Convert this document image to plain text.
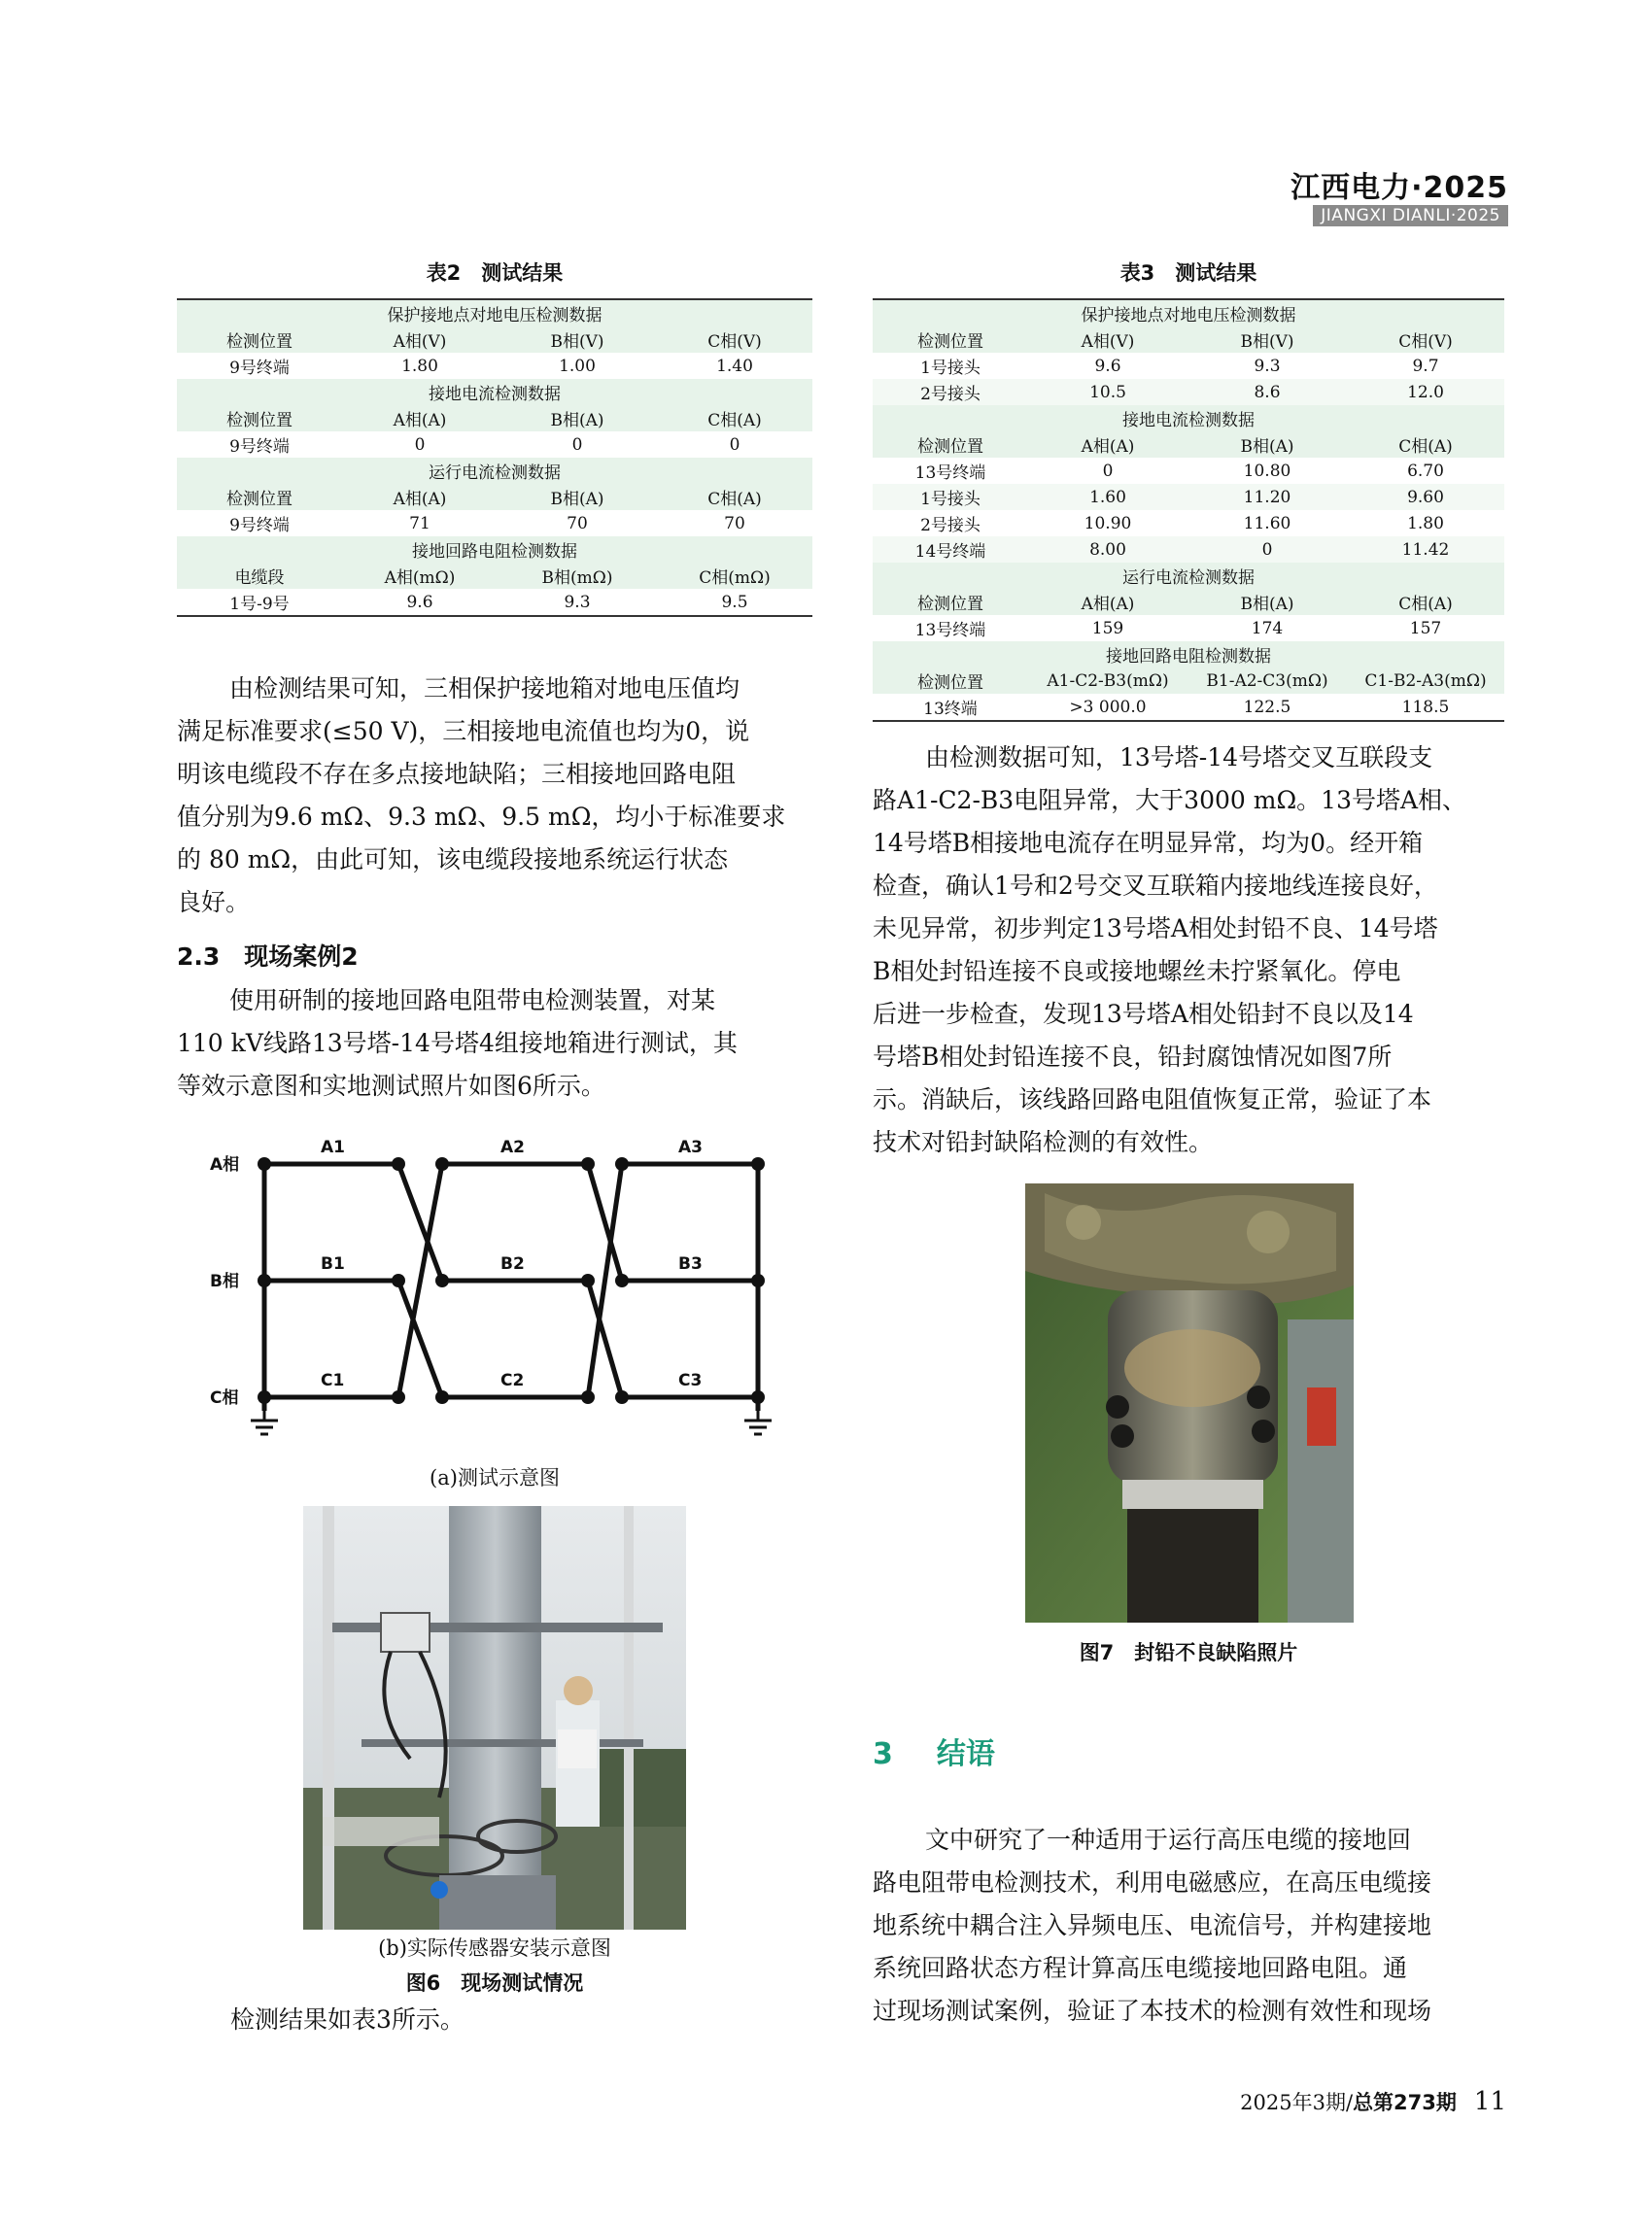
江西电力·2025
JIANGXI DIANLI·2025
表2　测试结果
保护接地点对地电压检测数据			
检测位置	A相(V)	B相(V)	C相(V)
9号终端	1.80	1.00	1.40
接地电流检测数据			
检测位置	A相(A)	B相(A)	C相(A)
9号终端	0	0	0
运行电流检测数据			
检测位置	A相(A)	B相(A)	C相(A)
9号终端	71	70	70
接地回路电阻检测数据			
电缆段	A相(mΩ)	B相(mΩ)	C相(mΩ)
1号-9号	9.6	9.3	9.5
由检测结果可知，三相保护接地箱对地电压值均
满足标准要求(≤50 V)，三相接地电流值也均为0，说
明该电缆段不存在多点接地缺陷；三相接地回路电阻
值分别为9.6 mΩ、9.3 mΩ、9.5 mΩ，均小于标准要求
的 80 mΩ，由此可知，该电缆段接地系统运行状态
良好。
2.3　现场案例2
使用研制的接地回路电阻带电检测装置，对某
110 kV线路13号塔-14号塔4组接地箱进行测试，其
等效示意图和实地测试照片如图6所示。
A相
B相
C相
A1	A2	A3
B1	B2	B3
C1	C2	C3
(a)测试示意图
(b)实际传感器安装示意图
图6　现场测试情况
检测结果如表3所示。
表3　测试结果
保护接地点对地电压检测数据			
检测位置	A相(V)	B相(V)	C相(V)
1号接头	9.6	9.3	9.7
2号接头	10.5	8.6	12.0
接地电流检测数据			
检测位置	A相(A)	B相(A)	C相(A)
13号终端	0	10.80	6.70
1号接头	1.60	11.20	9.60
2号接头	10.90	11.60	1.80
14号终端	8.00	0	11.42
运行电流检测数据			
检测位置	A相(A)	B相(A)	C相(A)
13号终端	159	174	157
接地回路电阻检测数据			
检测位置	A1-C2-B3(mΩ)	B1-A2-C3(mΩ)	C1-B2-A3(mΩ)
13终端	>3 000.0	122.5	118.5
由检测数据可知，13号塔-14号塔交叉互联段支
路A1-C2-B3电阻异常，大于3000 mΩ。13号塔A相、
14号塔B相接地电流存在明显异常，均为0。经开箱
检查，确认1号和2号交叉互联箱内接地线连接良好，
未见异常，初步判定13号塔A相处封铅不良、14号塔
B相处封铅连接不良或接地螺丝未拧紧氧化。停电
后进一步检查，发现13号塔A相处铅封不良以及14
号塔B相处封铅连接不良，铅封腐蚀情况如图7所
示。消缺后，该线路回路电阻值恢复正常，验证了本
技术对铅封缺陷检测的有效性。
图7　封铅不良缺陷照片
3　  结语
文中研究了一种适用于运行高压电缆的接地回
路电阻带电检测技术，利用电磁感应，在高压电缆接
地系统中耦合注入异频电压、电流信号，并构建接地
系统回路状态方程计算高压电缆接地回路电阻。通
过现场测试案例，验证了本技术的检测有效性和现场
2025年3期/总第273期 11
